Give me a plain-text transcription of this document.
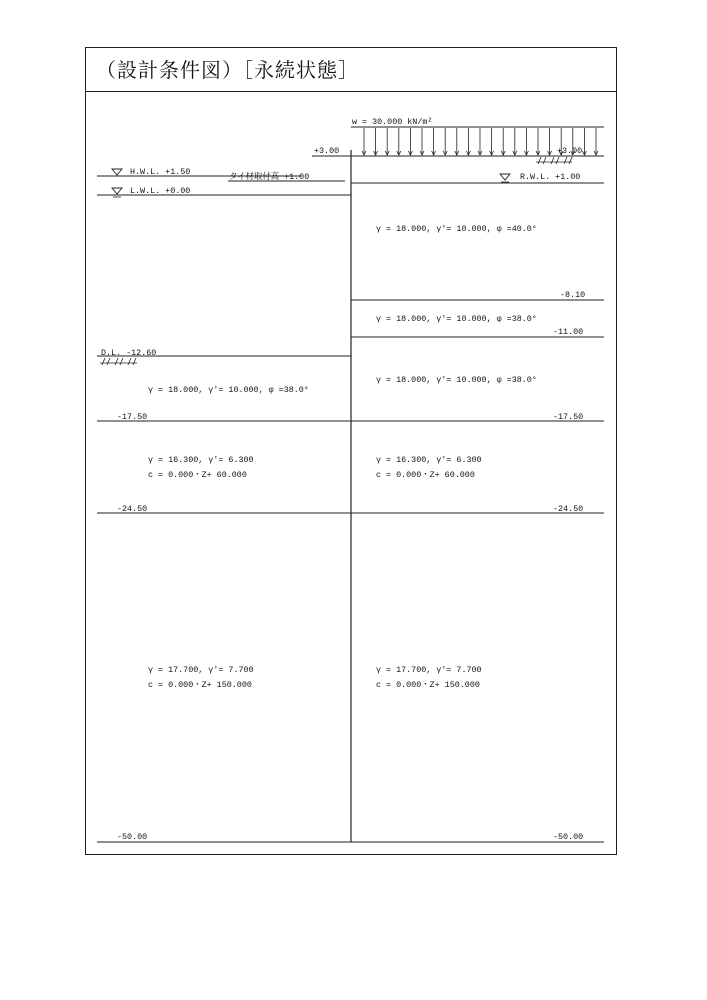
（設計条件図）［永続状態］
w = 30.000 kN/m²
+3.00	+3.00
H.W.L. +1.50	タイ材取付高 +1.00	R.W.L. +1.00
L.W.L. +0.00
γ = 18.000, γ′= 10.000, φ =40.0°
-8.10
γ = 18.000, γ′= 10.000, φ =38.0°
-11.00
D.L. -12.60
γ = 18.000, γ′= 10.000, φ =38.0°
γ = 18.000, γ′= 10.000, φ =38.0°
-17.50	-17.50
γ = 16.300, γ′= 6.300
c = 0.000・Z+ 60.000
γ = 16.300, γ′= 6.300
c = 0.000・Z+ 60.000
-24.50	-24.50
γ = 17.700, γ′= 7.700
c = 0.000・Z+ 150.000
γ = 17.700, γ′= 7.700
c = 0.000・Z+ 150.000
-50.00	-50.00
